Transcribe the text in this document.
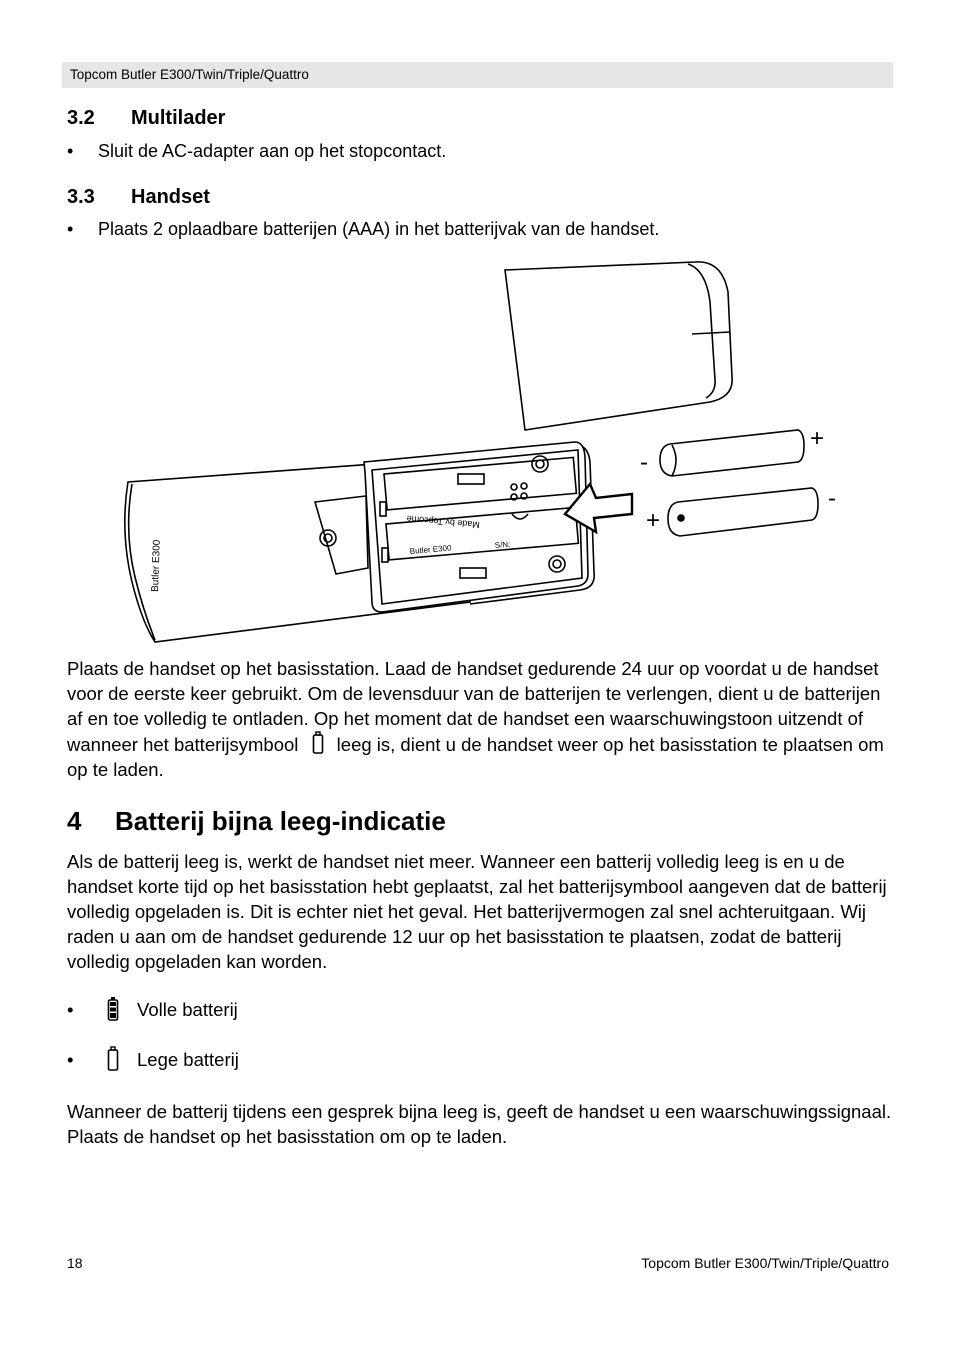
Topcom Butler E300/Twin/Triple/Quattro
3.2 Multilader
• Sluit de AC-adapter aan op het stopcontact.
3.3 Handset
• Plaats 2 oplaadbare batterijen (AAA) in het batterijvak van de handset.
Butler E300
Made by Topcome
Butler E300	S/N:
+
-
+
-

Plaats de handset op het basisstation. Laad de handset gedurende 24 uur op voordat u de handset voor de eerste keer gebruikt. Om de levensduur van de batterijen te verlengen, dient u de batterijen af en toe volledig te ontladen. Op het moment dat de handset een waarschuwingstoon uitzendt of wanneer het batterijsymbool leeg is, dient u de handset weer op het basisstation te plaatsen om op te laden.

4 Batterij bijna leeg-indicatie

Als de batterij leeg is, werkt de handset niet meer. Wanneer een batterij volledig leeg is en u de handset korte tijd op het basisstation hebt geplaatst, zal het batterijsymbool aangeven dat de batterij volledig opgeladen is. Dit is echter niet het geval. Het batterijvermogen zal snel achteruitgaan. Wij raden u aan om de handset gedurende 12 uur op het basisstation te plaatsen, zodat de batterij volledig opgeladen kan worden.

•	Volle batterij
•	Lege batterij

Wanneer de batterij tijdens een gesprek bijna leeg is, geeft de handset u een waarschuwingssignaal. Plaats de handset op het basisstation om op te laden.

18	Topcom Butler E300/Twin/Triple/Quattro
